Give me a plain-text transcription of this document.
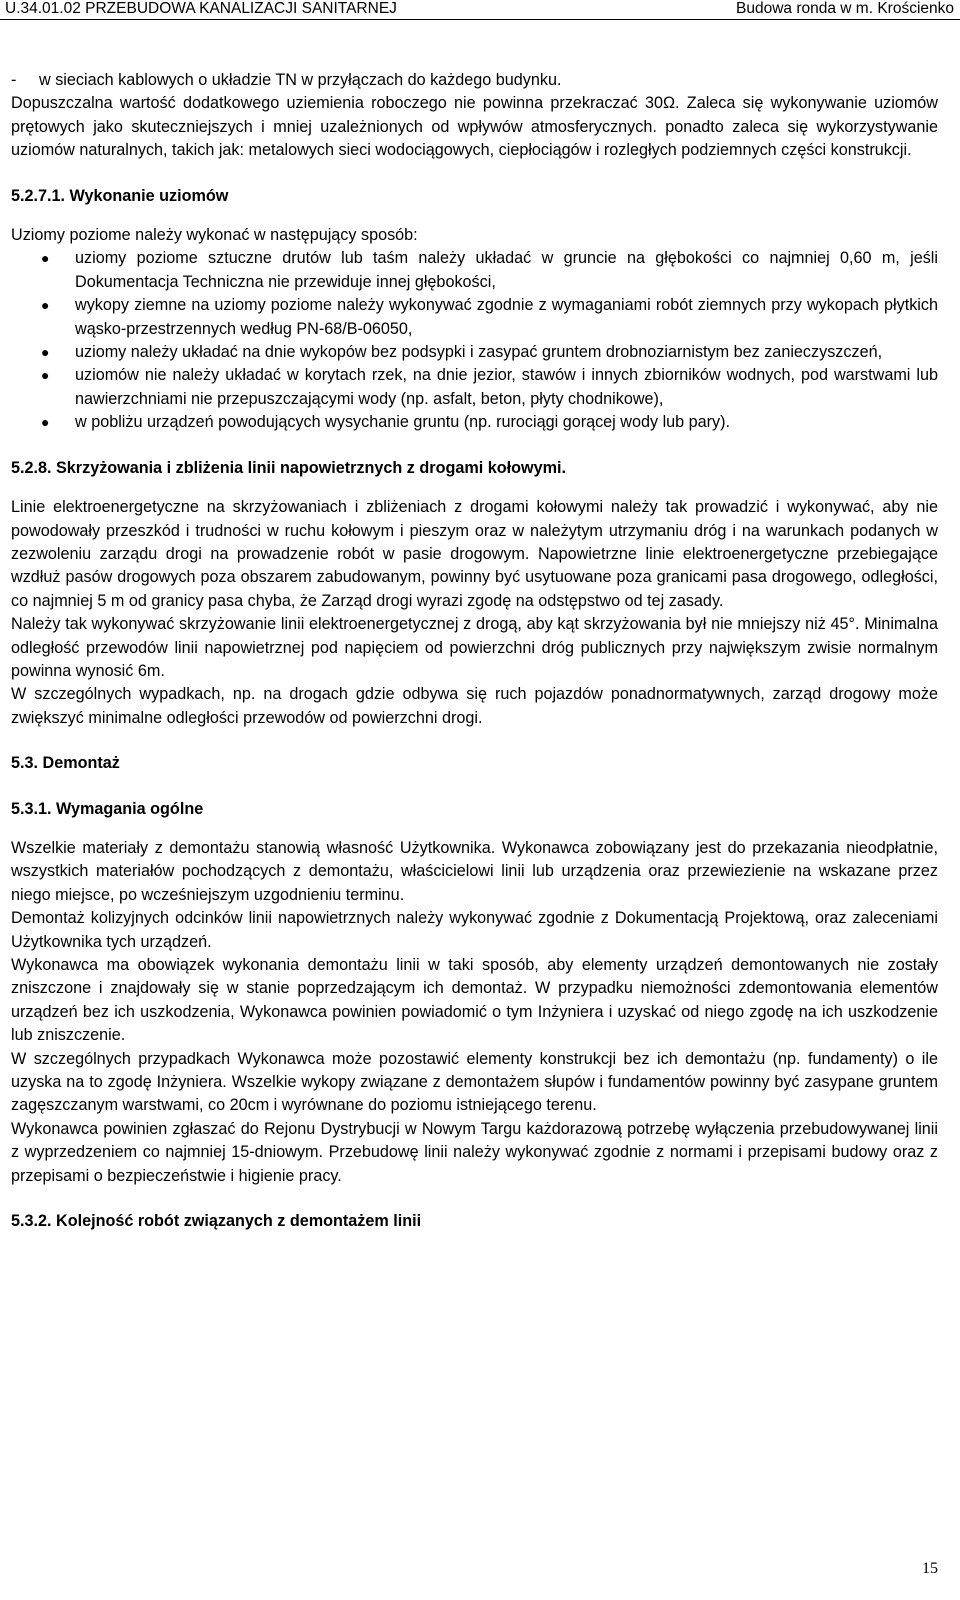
U.34.01.02 PRZEBUDOWA KANALIZACJI SANITARNEJ	Budowa ronda w m. Krościenko

- w sieciach kablowych o układzie TN w przyłączach do każdego budynku.

Dopuszczalna wartość dodatkowego uziemienia roboczego nie powinna przekraczać 30Ω. Zaleca się wykonywanie uziomów prętowych jako skuteczniejszych i mniej uzależnionych od wpływów atmosferycznych. ponadto zaleca się wykorzystywanie uziomów naturalnych, takich jak: metalowych sieci wodociągowych, ciepłociągów i rozległych podziemnych części konstrukcji.

5.2.7.1. Wykonanie uziomów

Uziomy poziome należy wykonać w następujący sposób:

● uziomy poziome sztuczne drutów lub taśm należy układać w gruncie na głębokości co najmniej 0,60 m, jeśli Dokumentacja Techniczna nie przewiduje innej głębokości,
● wykopy ziemne na uziomy poziome należy wykonywać zgodnie z wymaganiami robót ziemnych przy wykopach płytkich wąsko-przestrzennych według PN-68/B-06050,
● uziomy należy układać na dnie wykopów bez podsypki i zasypać gruntem drobnoziarnistym bez zanieczyszczeń,
● uziomów nie należy układać w korytach rzek, na dnie jezior, stawów i innych zbiorników wodnych, pod warstwami lub nawierzchniami nie przepuszczającymi wody (np. asfalt, beton, płyty chodnikowe),
● w pobliżu urządzeń powodujących wysychanie gruntu (np. rurociągi gorącej wody lub pary).
5.2.8. Skrzyżowania i zbliżenia linii napowietrznych z drogami kołowymi.

Linie elektroenergetyczne na skrzyżowaniach i zbliżeniach z drogami kołowymi należy tak prowadzić i wykonywać, aby nie powodowały przeszkód i trudności w ruchu kołowym i pieszym oraz w należytym utrzymaniu dróg i na warunkach podanych w zezwoleniu zarządu drogi na prowadzenie robót w pasie drogowym. Napowietrzne linie elektroenergetyczne przebiegające wzdłuż pasów drogowych poza obszarem zabudowanym, powinny być usytuowane poza granicami pasa drogowego, odległości, co najmniej 5 m od granicy pasa chyba, że Zarząd drogi wyrazi zgodę na odstępstwo od tej zasady.

Należy tak wykonywać skrzyżowanie linii elektroenergetycznej z drogą, aby kąt skrzyżowania był nie mniejszy niż 45°. Minimalna odległość przewodów linii napowietrznej pod napięciem od powierzchni dróg publicznych przy największym zwisie normalnym powinna wynosić 6m.

W szczególnych wypadkach, np. na drogach gdzie odbywa się ruch pojazdów ponadnormatywnych, zarząd drogowy może zwiększyć minimalne odległości przewodów od powierzchni drogi.

5.3. Demontaż
5.3.1. Wymagania ogólne

Wszelkie materiały z demontażu stanowią własność Użytkownika. Wykonawca zobowiązany jest do przekazania nieodpłatnie, wszystkich materiałów pochodzących z demontażu, właścicielowi linii lub urządzenia oraz przewiezienie na wskazane przez niego miejsce, po wcześniejszym uzgodnieniu terminu.

Demontaż kolizyjnych odcinków linii napowietrznych należy wykonywać zgodnie z Dokumentacją Projektową, oraz zaleceniami Użytkownika tych urządzeń.

Wykonawca ma obowiązek wykonania demontażu linii w taki sposób, aby elementy urządzeń demontowanych nie zostały zniszczone i znajdowały się w stanie poprzedzającym ich demontaż. W przypadku niemożności zdemontowania elementów urządzeń bez ich uszkodzenia, Wykonawca powinien powiadomić o tym Inżyniera i uzyskać od niego zgodę na ich uszkodzenie lub zniszczenie.

W szczególnych przypadkach Wykonawca może pozostawić elementy konstrukcji bez ich demontażu (np. fundamenty) o ile uzyska na to zgodę Inżyniera. Wszelkie wykopy związane z demontażem słupów i fundamentów powinny być zasypane gruntem zagęszczanym warstwami, co 20cm i wyrównane do poziomu istniejącego terenu.

Wykonawca powinien zgłaszać do Rejonu Dystrybucji w Nowym Targu każdorazową potrzebę wyłączenia przebudowywanej linii z wyprzedzeniem co najmniej 15-dniowym. Przebudowę linii należy wykonywać zgodnie z normami i przepisami budowy oraz z przepisami o bezpieczeństwie i higienie pracy.

5.3.2. Kolejność robót związanych z demontażem linii
15
